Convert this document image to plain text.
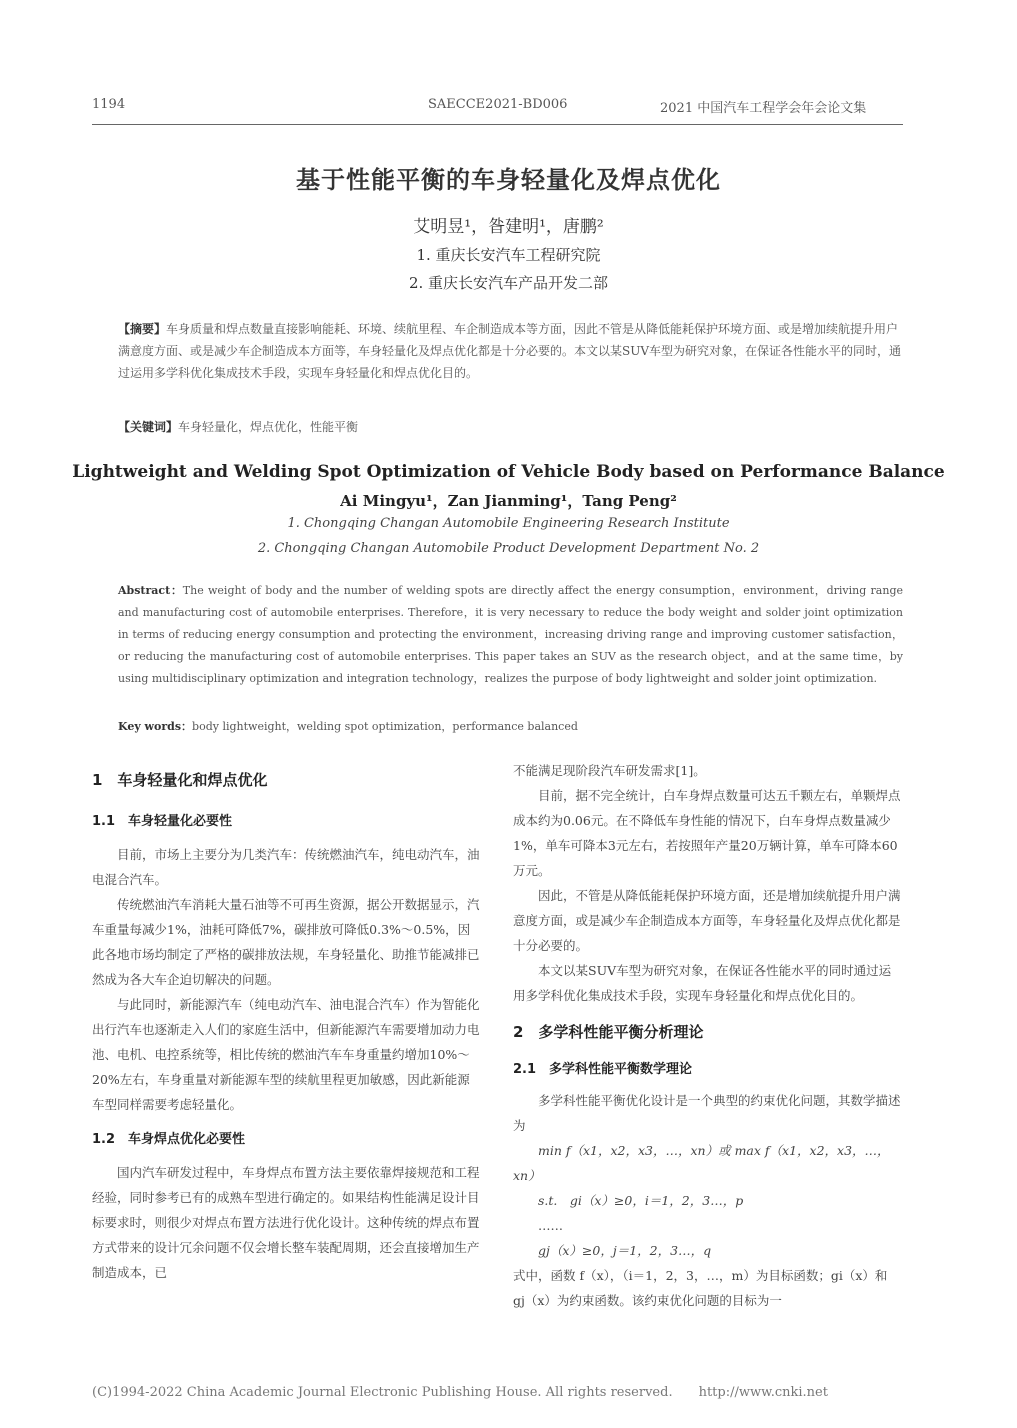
1194	SAECCE2021-BD006	2021 中国汽车工程学会年会论文集
基于性能平衡的车身轻量化及焊点优化
艾明昱¹，昝建明¹，唐鹏²
1. 重庆长安汽车工程研究院
2. 重庆长安汽车产品开发二部
【摘要】车身质量和焊点数量直接影响能耗、环境、续航里程、车企制造成本等方面，因此不管是从降低能耗保护环境方面、或是增加续航提升用户满意度方面、或是减少车企制造成本方面等，车身轻量化及焊点优化都是十分必要的。本文以某SUV车型为研究对象，在保证各性能水平的同时，通过运用多学科优化集成技术手段，实现车身轻量化和焊点优化目的。
【关键词】车身轻量化，焊点优化，性能平衡
Lightweight and Welding Spot Optimization of Vehicle Body based on Performance Balance
Ai Mingyu¹，Zan Jianming¹，Tang Peng²
1. Chongqing Changan Automobile Engineering Research Institute
2. Chongqing Changan Automobile Product Development Department No. 2
Abstract：The weight of body and the number of welding spots are directly affect the energy consumption，environment，driving range and manufacturing cost of automobile enterprises. Therefore，it is very necessary to reduce the body weight and solder joint optimization in terms of reducing energy consumption and protecting the environment，increasing driving range and improving customer satisfaction，or reducing the manufacturing cost of automobile enterprises. This paper takes an SUV as the research object，and at the same time，by using multidisciplinary optimization and integration technology，realizes the purpose of body lightweight and solder joint optimization.
Key words：body lightweight，welding spot optimization，performance balanced
1　车身轻量化和焊点优化
1.1　车身轻量化必要性

目前，市场上主要分为几类汽车：传统燃油汽车，纯电动汽车，油电混合汽车。

传统燃油汽车消耗大量石油等不可再生资源，据公开数据显示，汽车重量每减少1%，油耗可降低7%，碳排放可降低0.3%～0.5%，因此各地市场均制定了严格的碳排放法规，车身轻量化、助推节能减排已然成为各大车企迫切解决的问题。

与此同时，新能源汽车（纯电动汽车、油电混合汽车）作为智能化出行汽车也逐渐走入人们的家庭生活中，但新能源汽车需要增加动力电池、电机、电控系统等，相比传统的燃油汽车车身重量约增加10%～20%左右，车身重量对新能源车型的续航里程更加敏感，因此新能源车型同样需要考虑轻量化。

1.2　车身焊点优化必要性

国内汽车研发过程中，车身焊点布置方法主要依靠焊接规范和工程经验，同时参考已有的成熟车型进行确定的。如果结构性能满足设计目标要求时，则很少对焊点布置方法进行优化设计。这种传统的焊点布置方式带来的设计冗余问题不仅会增长整车装配周期，还会直接增加生产制造成本，已

不能满足现阶段汽车研发需求[1]。

目前，据不完全统计，白车身焊点数量可达五千颗左右，单颗焊点成本约为0.06元。在不降低车身性能的情况下，白车身焊点数量减少1%，单车可降本3元左右，若按照年产量20万辆计算，单车可降本60万元。

因此，不管是从降低能耗保护环境方面，还是增加续航提升用户满意度方面，或是减少车企制造成本方面等，车身轻量化及焊点优化都是十分必要的。

本文以某SUV车型为研究对象，在保证各性能水平的同时通过运用多学科优化集成技术手段，实现车身轻量化和焊点优化目的。

2　多学科性能平衡分析理论
2.1　多学科性能平衡数学理论

多学科性能平衡优化设计是一个典型的约束优化问题，其数学描述为

min f（x1，x2，x3，…，xn）或 max f（x1，x2，x3，…，xn）

s.t.　gi（x）≥0，i＝1，2，3…，p

……

gj（x）≥0，j＝1，2，3…，q

式中，函数 f（x），（i＝1，2，3，…，m）为目标函数；gi（x）和 gj（x）为约束函数。该约束优化问题的目标为一

(C)1994-2022 China Academic Journal Electronic Publishing House. All rights reserved.　　http://www.cnki.net
